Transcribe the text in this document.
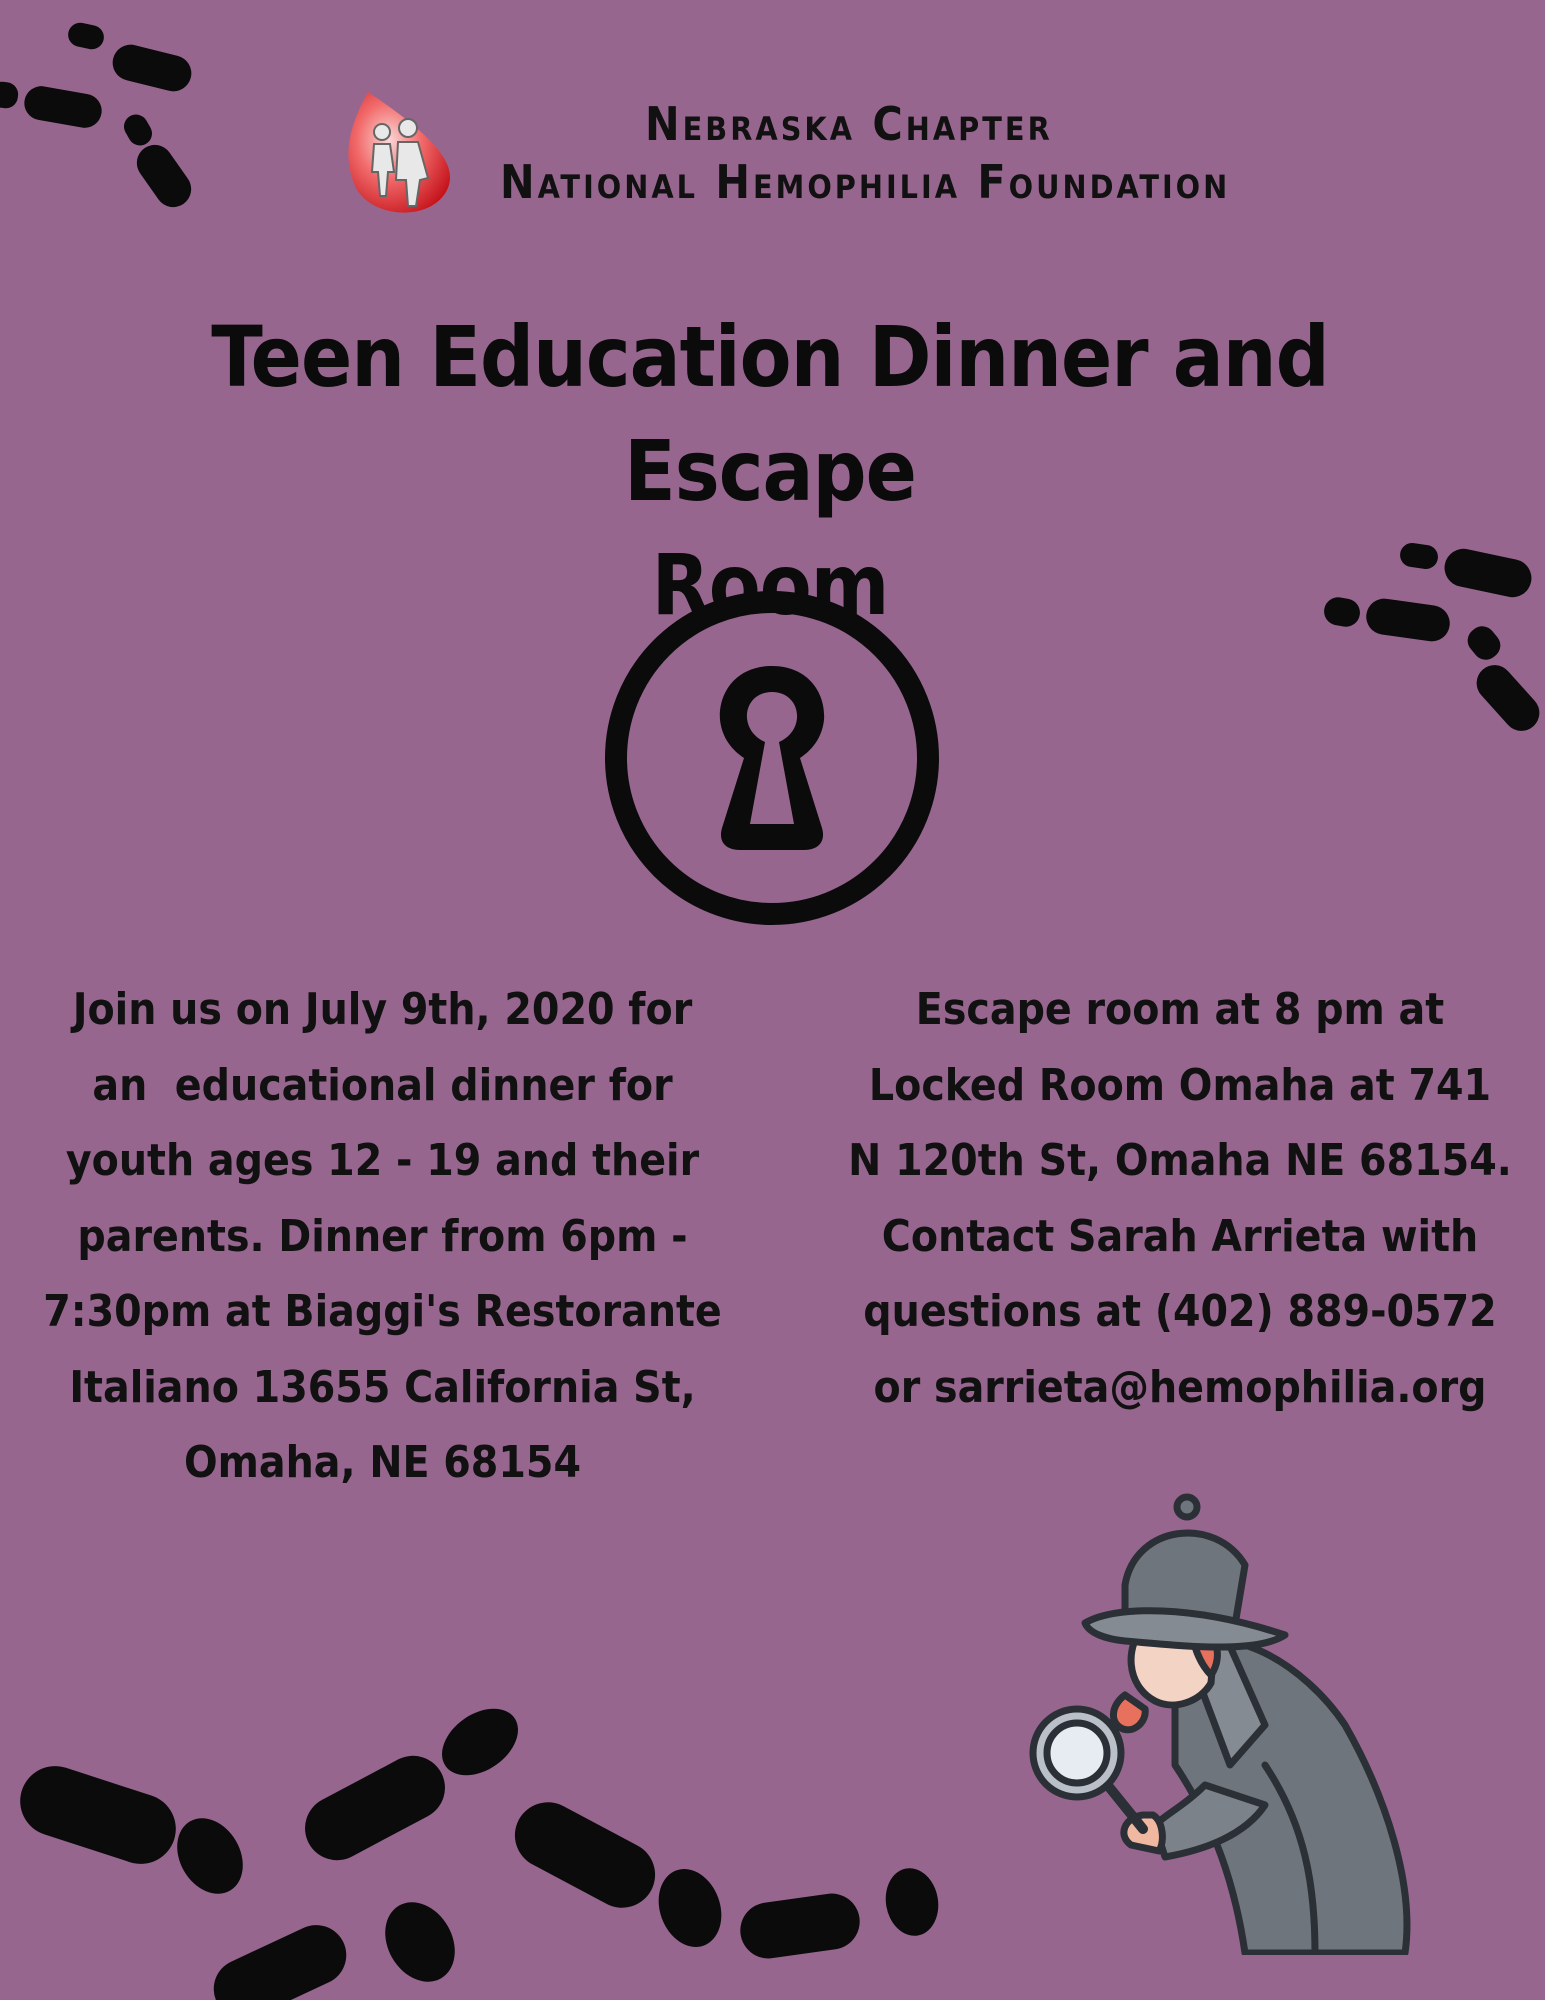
Nebraska Chapter
National Hemophilia Foundation
Teen Education Dinner and Escape
Room
Join us on July 9th, 2020 for
an  educational dinner for
youth ages 12 - 19 and their
parents. Dinner from 6pm -
7:30pm at Biaggi's Restorante
Italiano 13655 California St,
Omaha, NE 68154
Escape room at 8 pm at
Locked Room Omaha at 741
N 120th St, Omaha NE 68154.
Contact Sarah Arrieta with
questions at (402) 889-0572
or sarrieta@hemophilia.org
